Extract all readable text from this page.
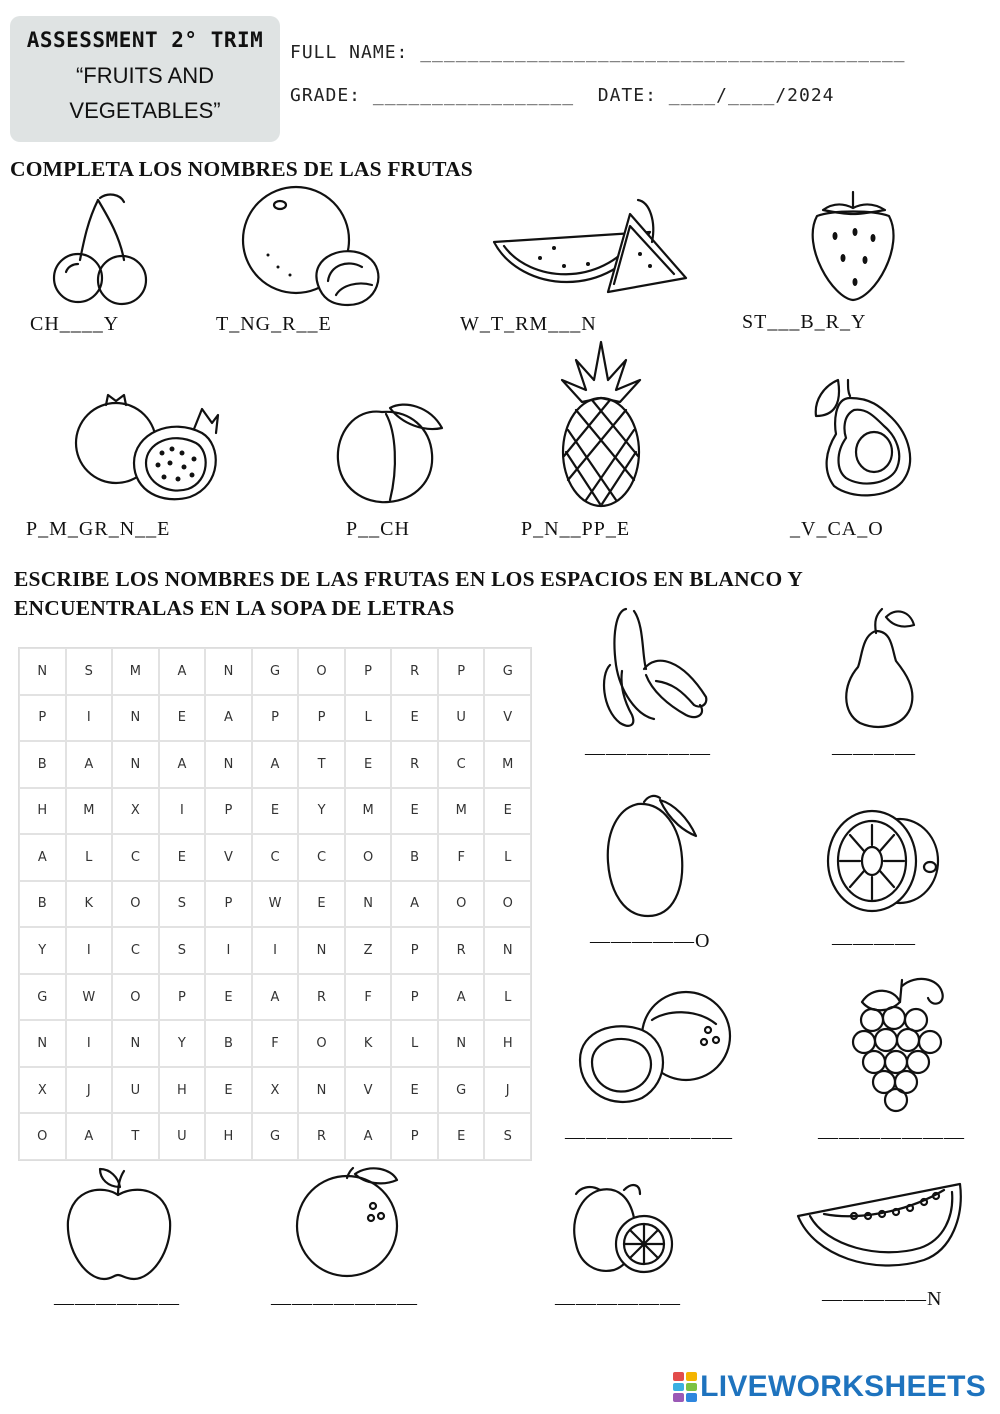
ASSESSMENT 2° TRIM
“FRUITS AND
VEGETABLES”
FULL NAME: _________________________________________
GRADE: _________________  DATE: ____/____/2024
COMPLETA LOS NOMBRES DE LAS FRUTAS
CH____Y	T_NG_R__E	W_T_RM___N	ST___B_R_Y
P_M_GR_N__E	P__CH	P_N__PP_E	_V_CA_O
ESCRIBE LOS NOMBRES DE LAS FRUTAS EN LOS ESPACIOS EN BLANCO Y
ENCUENTRALAS EN LA SOPA DE LETRAS
N	S	M	A	N	G	O	P	R	P	G
P	I	N	E	A	P	P	L	E	U	V
B	A	N	A	N	A	T	E	R	C	M
H	M	X	I	P	E	Y	M	E	M	E
A	L	C	E	V	C	C	O	B	F	L
B	K	O	S	P	W	E	N	A	O	O
Y	I	C	S	I	I	N	Z	P	R	N
G	W	O	P	E	A	R	F	P	A	L
N	I	N	Y	B	F	O	K	L	N	H
X	J	U	H	E	X	N	V	E	G	J
O	A	T	U	H	G	R	A	P	E	S
——————	————
—————O	————
————————	———————
——————	———————	——————	—————N
LIVEWORKSHEETS
